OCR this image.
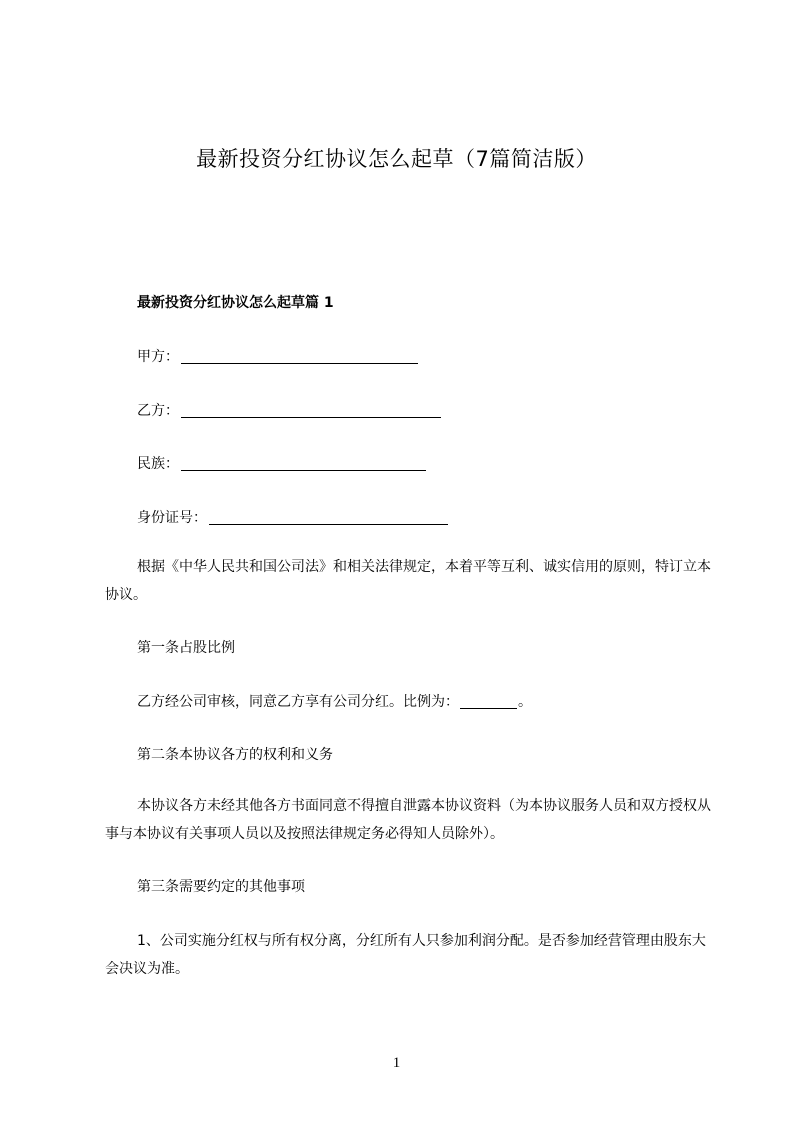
最新投资分红协议怎么起草（7篇简洁版）
最新投资分红协议怎么起草篇 1
甲方：
乙方：
民族：
身份证号：
根据《中华人民共和国公司法》和相关法律规定，本着平等互利、诚实信用的原则，特订立本协议。
第一条占股比例
乙方经公司审核，同意乙方享有公司分红。比例为：	。
第二条本协议各方的权利和义务
本协议各方未经其他各方书面同意不得擅自泄露本协议资料（为本协议服务人员和双方授权从事与本协议有关事项人员以及按照法律规定务必得知人员除外）。
第三条需要约定的其他事项
1、公司实施分红权与所有权分离，分红所有人只参加利润分配。是否参加经营管理由股东大会决议为准。
1
